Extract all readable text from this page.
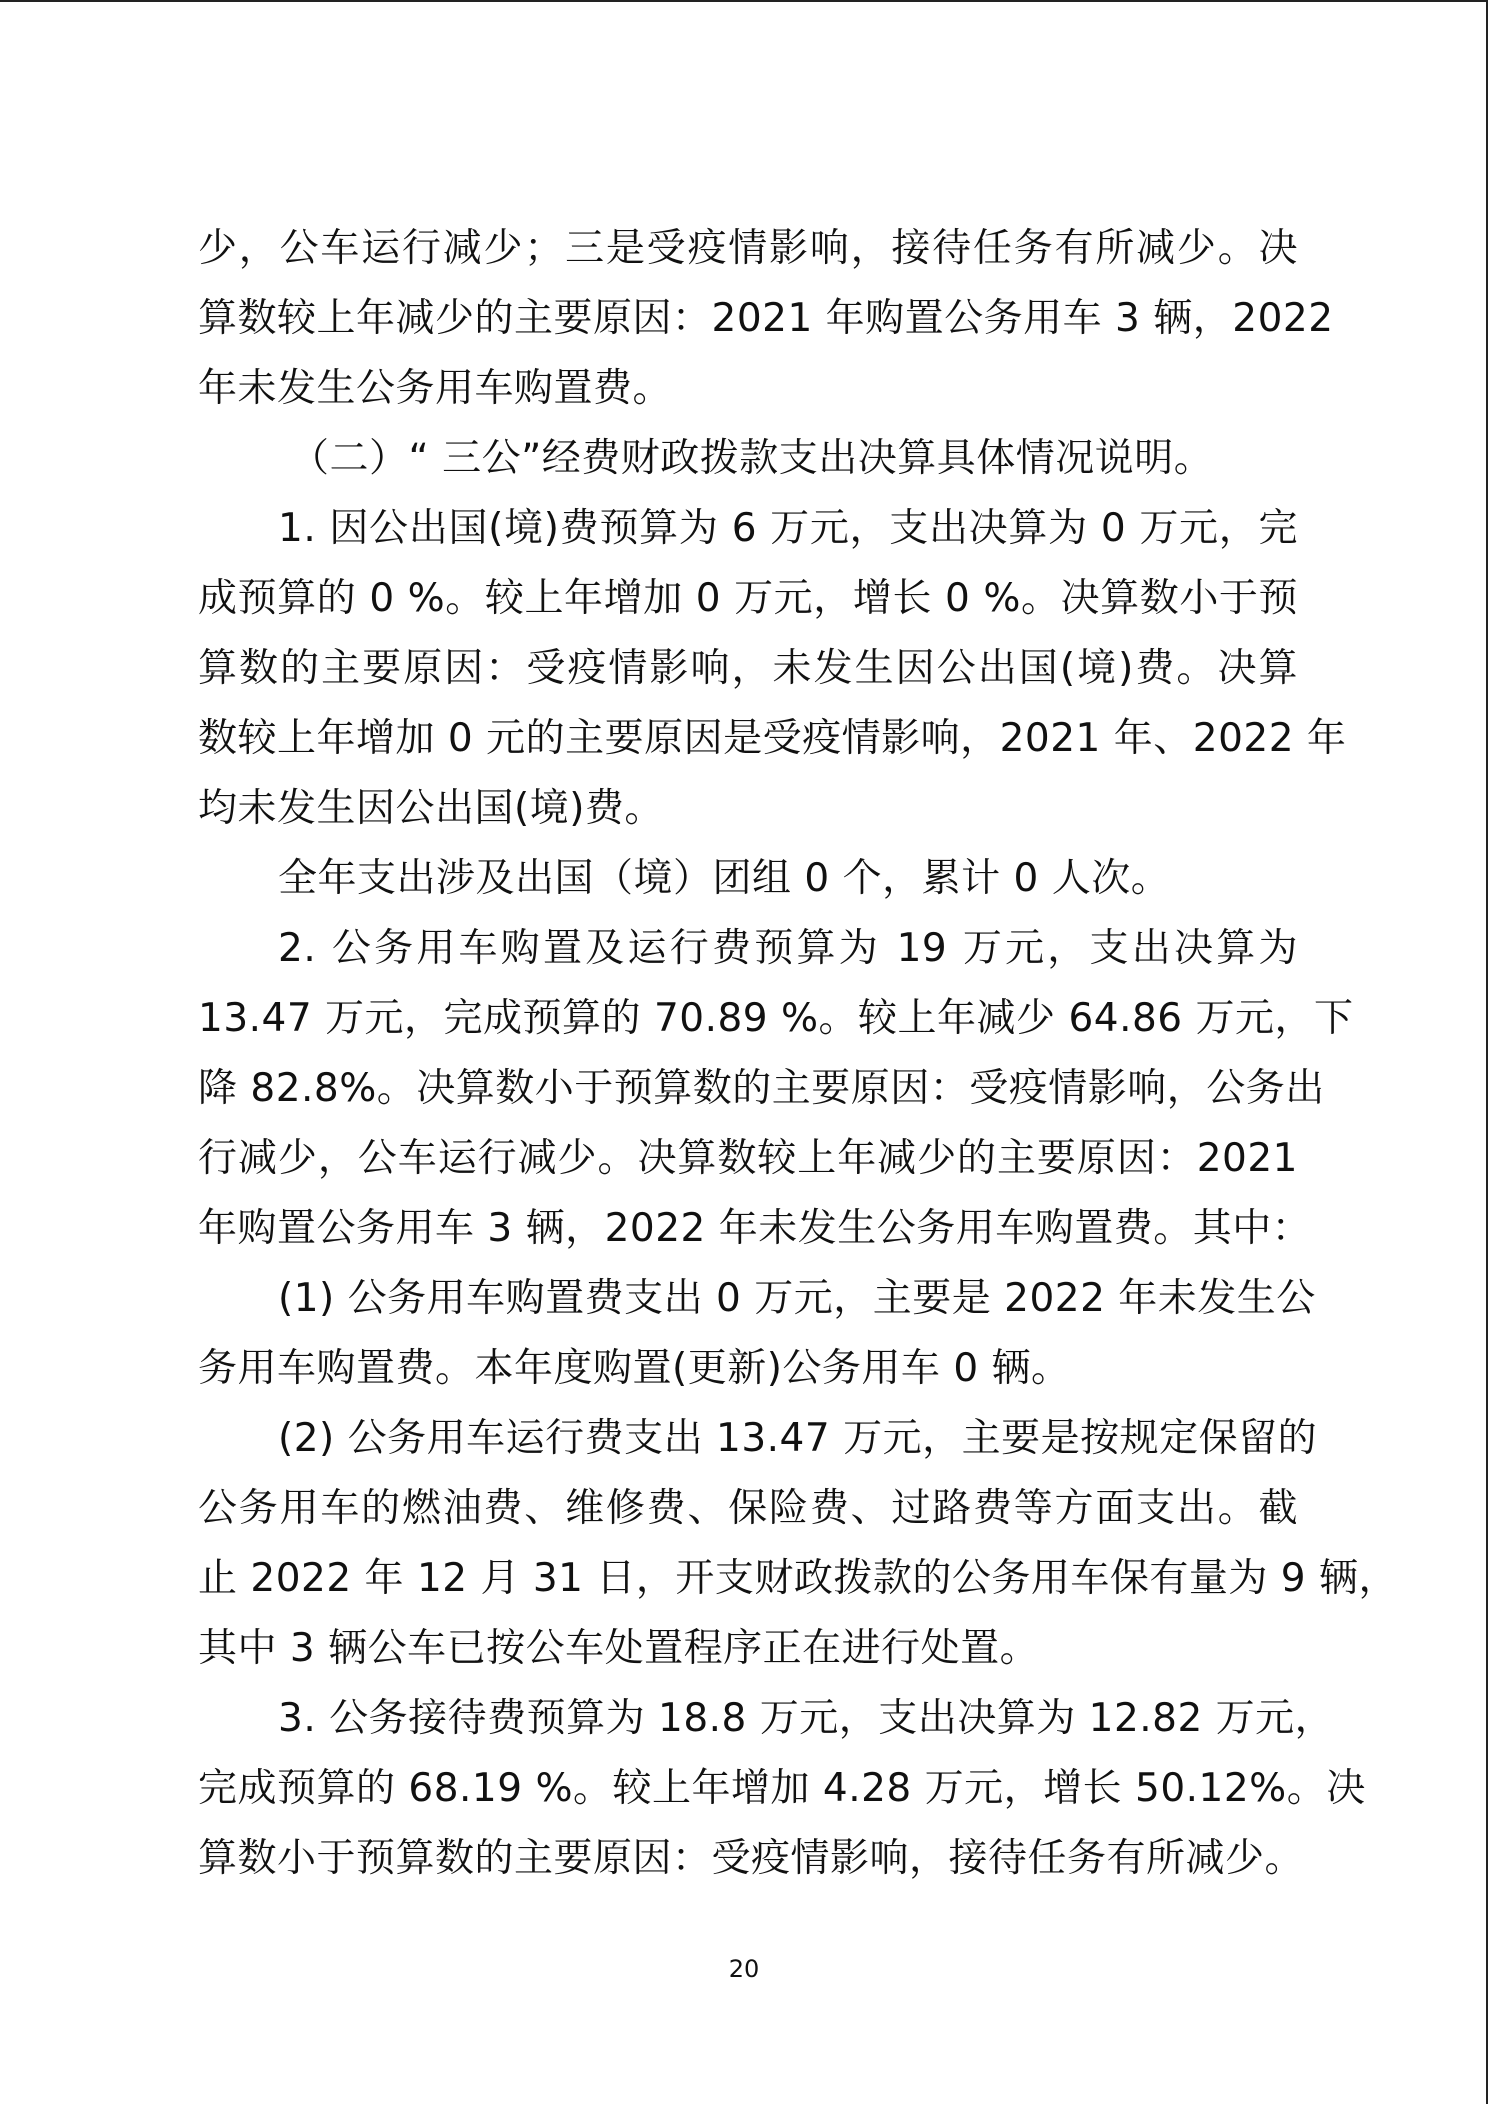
少，公车运行减少；三是受疫情影响，接待任务有所减少。决
算数较上年减少的主要原因：2021 年购置公务用车 3 辆，2022
年未发生公务用车购置费。
（二）“ 三公”经费财政拨款支出决算具体情况说明。
1. 因公出国(境)费预算为 6 万元，支出决算为 0 万元，完
成预算的 0 %。较上年增加 0 万元，增长 0 %。决算数小于预
算数的主要原因：受疫情影响，未发生因公出国(境)费。决算
数较上年增加 0 元的主要原因是受疫情影响，2021 年、2022 年
均未发生因公出国(境)费。
全年支出涉及出国（境）团组 0 个，累计 0 人次。
2. 公务用车购置及运行费预算为 19 万元，支出决算为
13.47 万元，完成预算的 70.89 %。较上年减少 64.86 万元，下
降 82.8%。决算数小于预算数的主要原因：受疫情影响，公务出
行减少，公车运行减少。决算数较上年减少的主要原因：2021
年购置公务用车 3 辆，2022 年未发生公务用车购置费。其中：
(1) 公务用车购置费支出 0 万元，主要是 2022 年未发生公
务用车购置费。本年度购置(更新)公务用车 0 辆。
(2) 公务用车运行费支出 13.47 万元，主要是按规定保留的
公务用车的燃油费、维修费、保险费、过路费等方面支出。截
止 2022 年 12 月 31 日，开支财政拨款的公务用车保有量为 9 辆，
其中 3 辆公车已按公车处置程序正在进行处置。
3. 公务接待费预算为 18.8 万元，支出决算为 12.82 万元，
完成预算的 68.19 %。较上年增加 4.28 万元，增长 50.12%。决
算数小于预算数的主要原因：受疫情影响，接待任务有所减少。
20
